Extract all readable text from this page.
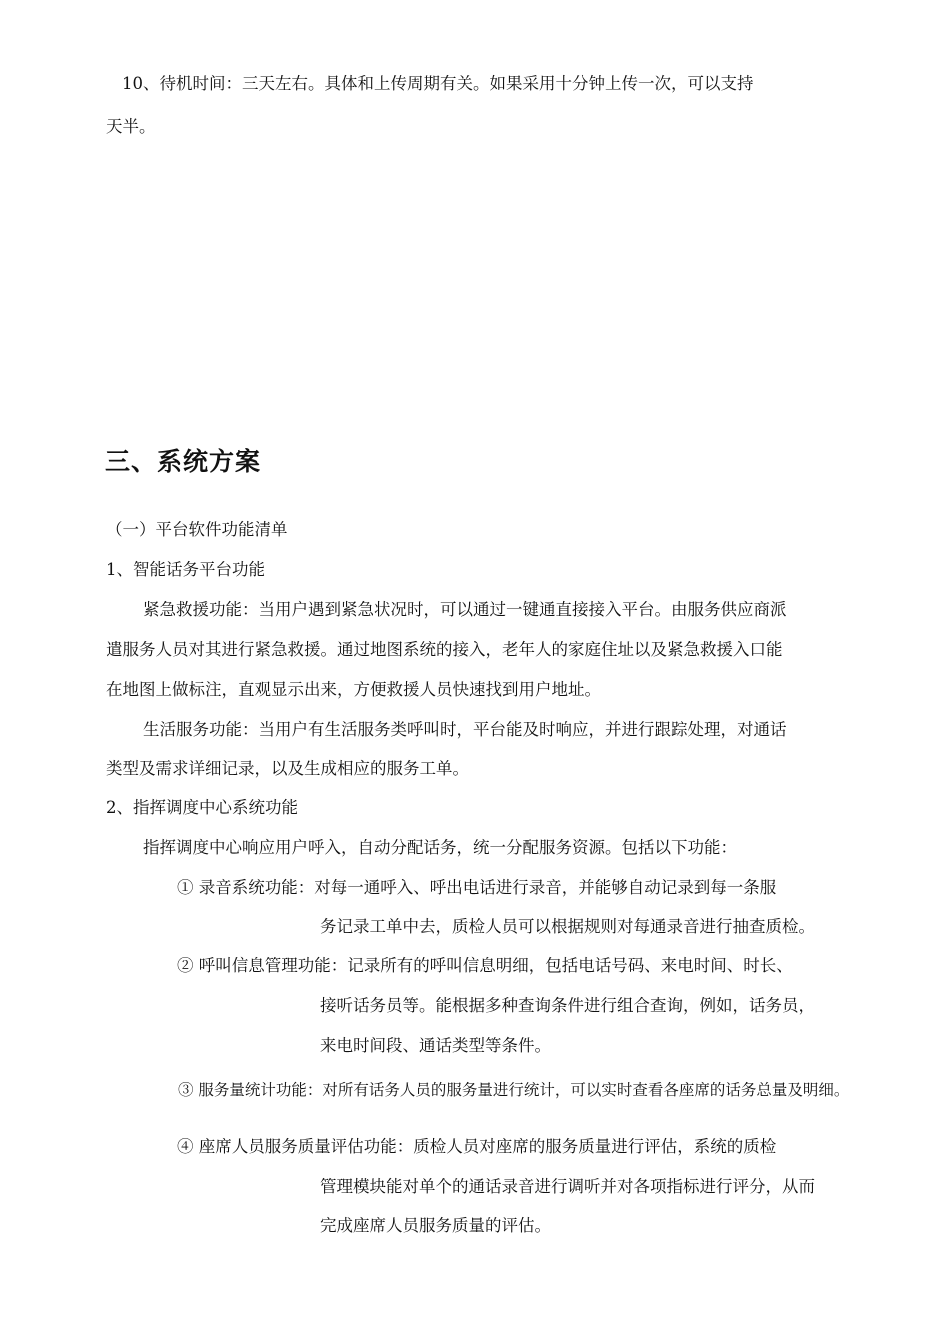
10、待机时间：三天左右。具体和上传周期有关。如果采用十分钟上传一次，可以支持

天半。

三、系统方案

（一）平台软件功能清单

1、智能话务平台功能

紧急救援功能：当用户遇到紧急状况时，可以通过一键通直接接入平台。由服务供应商派

遣服务人员对其进行紧急救援。通过地图系统的接入，老年人的家庭住址以及紧急救援入口能

在地图上做标注，直观显示出来，方便救援人员快速找到用户地址。

生活服务功能：当用户有生活服务类呼叫时，平台能及时响应，并进行跟踪处理，对通话

类型及需求详细记录，以及生成相应的服务工单。

2、指挥调度中心系统功能

指挥调度中心响应用户呼入，自动分配话务，统一分配服务资源。包括以下功能：

① 录音系统功能：对每一通呼入、呼出电话进行录音，并能够自动记录到每一条服

务记录工单中去，质检人员可以根据规则对每通录音进行抽查质检。

② 呼叫信息管理功能：记录所有的呼叫信息明细，包括电话号码、来电时间、时长、

接听话务员等。能根据多种查询条件进行组合查询，例如，话务员，

来电时间段、通话类型等条件。

③ 服务量统计功能：对所有话务人员的服务量进行统计，可以实时查看各座席的话务总量及明细。

④ 座席人员服务质量评估功能：质检人员对座席的服务质量进行评估，系统的质检

管理模块能对单个的通话录音进行调听并对各项指标进行评分，从而

完成座席人员服务质量的评估。
